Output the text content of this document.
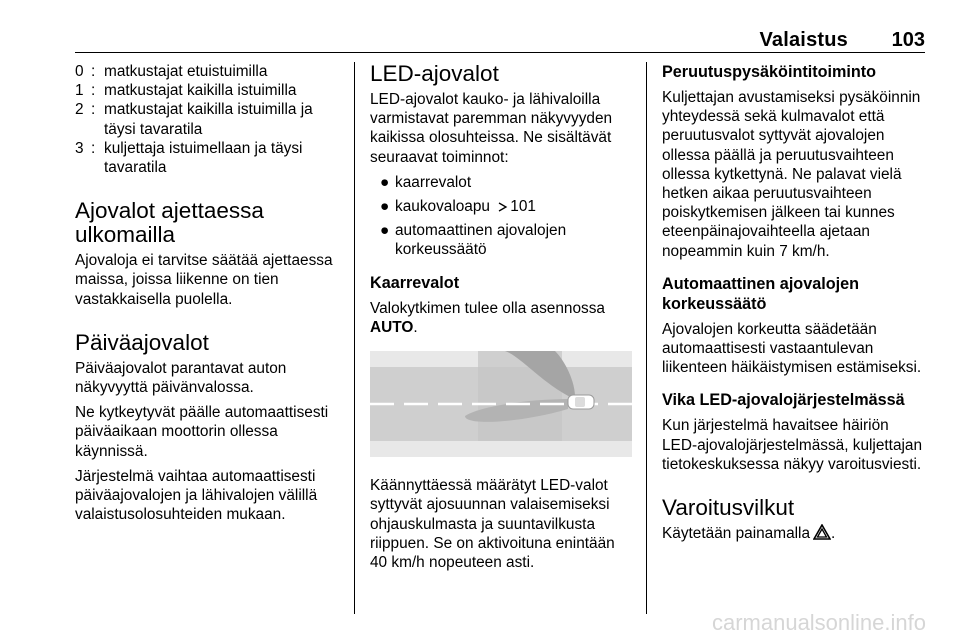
Valaistus 103
0 : matkustajat etuistuimilla
1 : matkustajat kaikilla istuimilla
2 : matkustajat kaikilla istuimilla ja täysi tavaratila
3 : kuljettaja istuimellaan ja täysi tavaratila
Ajovalot ajettaessa ulkomailla

Ajovaloja ei tarvitse säätää ajettaessa maissa, joissa liikenne on tien vastakkaisella puolella.

Päiväajovalot

Päiväajovalot parantavat auton näkyvyyttä päivänvalossa.

Ne kytkeytyvät päälle automaattisesti päiväaikaan moottorin ollessa käynnissä.

Järjestelmä vaihtaa automaattisesti päiväajovalojen ja lähivalojen välillä valaistusolosuhteiden mukaan.

LED-ajovalot

LED-ajovalot kauko- ja lähivaloilla varmistavat paremman näkyvyyden kaikissa olosuhteissa. Ne sisältävät seuraavat toiminnot:

● kaarrevalot
● kaukovaloapu 101
● automaattinen ajovalojen korkeussäätö
Kaarrevalot

Valokytkimen tulee olla asennossa
AUTO.

Käännyttäessä määrätyt LED-valot syttyvät ajosuunnan valaisemiseksi ohjauskulmasta ja suuntavilkusta riippuen. Se on aktivoituna enintään 40 km/h nopeuteen asti.

Peruutuspysäköintitoiminto

Kuljettajan avustamiseksi pysäköinnin yhteydessä sekä kulmavalot että peruutusvalot syttyvät ajovalojen ollessa päällä ja peruutusvaihteen ollessa kytkettynä. Ne palavat vielä hetken aikaa peruutusvaihteen poiskytkemisen jälkeen tai kunnes eteenpäinajovaihteella ajetaan nopeammin kuin 7 km/h.

Automaattinen ajovalojen korkeussäätö

Ajovalojen korkeutta säädetään automaattisesti vastaantulevan liikenteen häikäistymisen estämiseksi.

Vika LED-ajovalojärjestelmässä

Kun järjestelmä havaitsee häiriön LED-ajovalojärjestelmässä, kuljettajan tietokeskuksessa näkyy varoitusviesti.

Varoitusvilkut

Käytetään painamalla .

carmanualsonline.info
